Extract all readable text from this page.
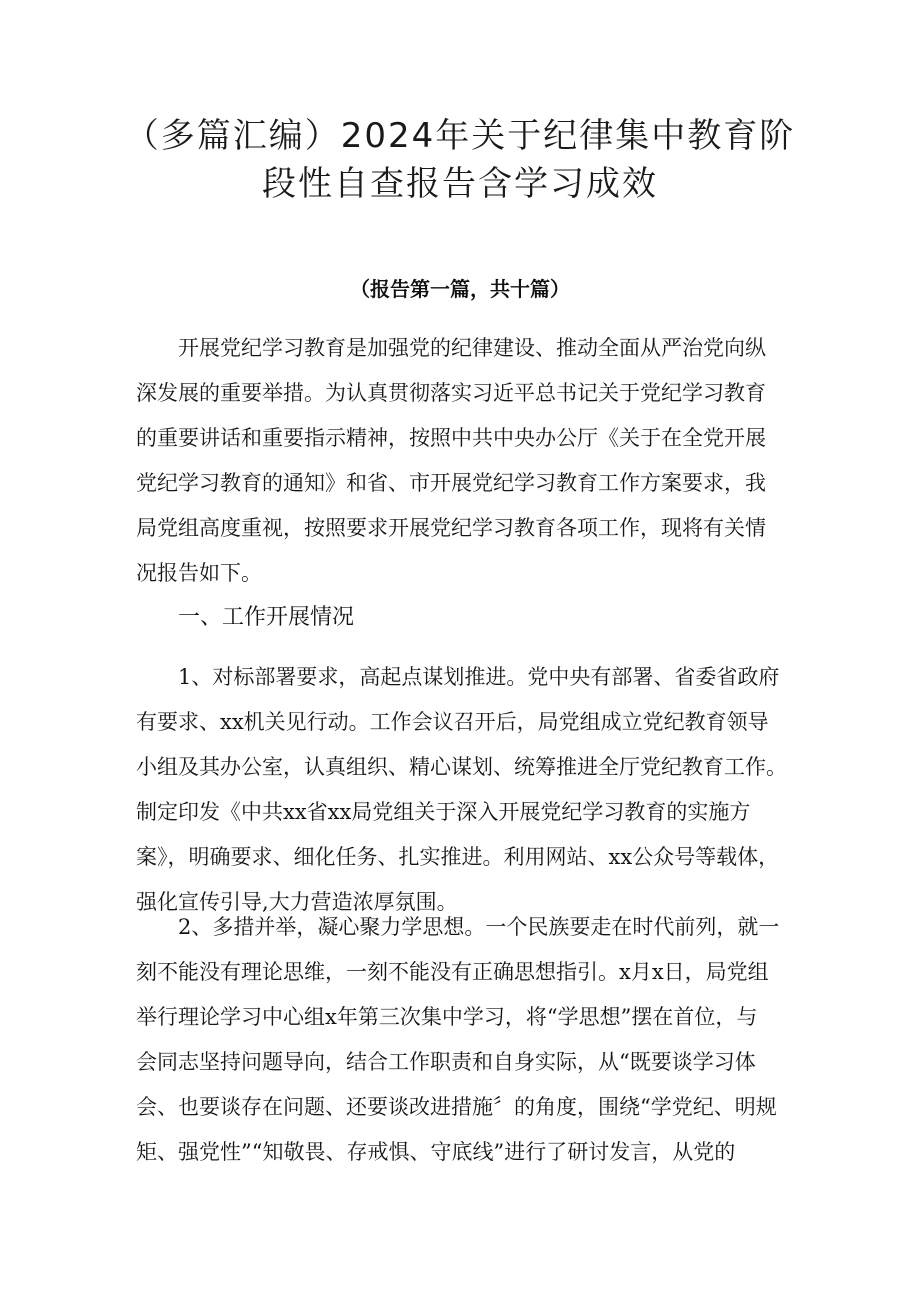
（多篇汇编）2024年关于纪律集中教育阶
段性自查报告含学习成效
（报告第一篇，共十篇）
开展党纪学习教育是加强党的纪律建设、推动全面从严治党向纵
深发展的重要举措。为认真贯彻落实习近平总书记关于党纪学习教育
的重要讲话和重要指示精神，按照中共中央办公厅《关于在全党开展
党纪学习教育的通知》和省、市开展党纪学习教育工作方案要求，我
局党组高度重视，按照要求开展党纪学习教育各项工作，现将有关情
况报告如下。
一、工作开展情况
1、对标部署要求，高起点谋划推进。党中央有部署、省委省政府
有要求、xx机关见行动。工作会议召开后，局党组成立党纪教育领导
小组及其办公室，认真组织、精心谋划、统筹推进全厅党纪教育工作。
制定印发《中共xx省xx局党组关于深入开展党纪学习教育的实施方
案》，明确要求、细化任务、扎实推进。利用网站、xx公众号等载体，
强化宣传引导,大力营造浓厚氛围。
2、多措并举，凝心聚力学思想。一个民族要走在时代前列，就一
刻不能没有理论思维，一刻不能没有正确思想指引。x月x日，局党组
举行理论学习中心组x年第三次集中学习，将“学思想”摆在首位，与
会同志坚持问题导向，结合工作职责和自身实际，从“既要谈学习体
会、也要谈存在问题、还要谈改进措施〞的角度，围绕“学党纪、明规
矩、强党性”“知敬畏、存戒惧、守底线”进行了研讨发言，从党的
